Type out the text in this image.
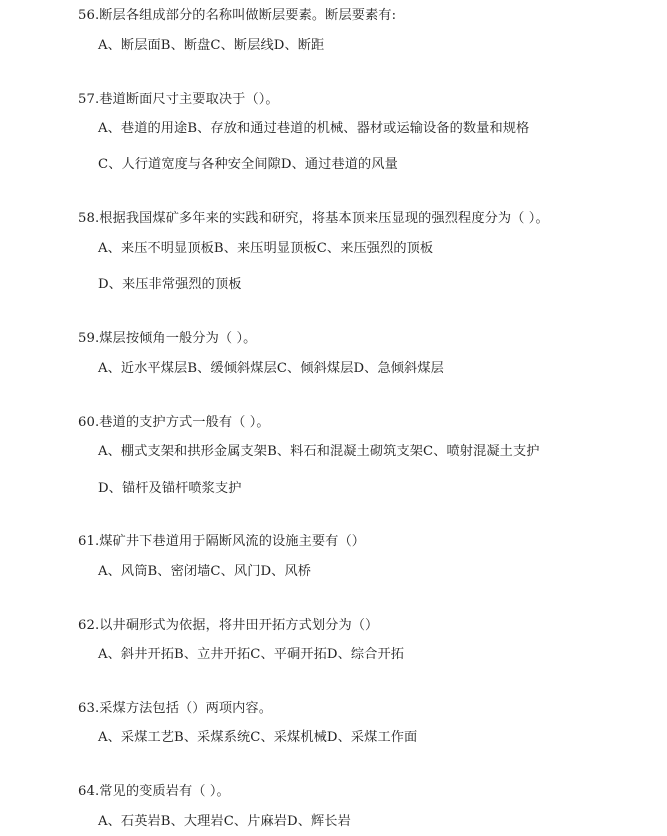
56.断层各组成部分的名称叫做断层要素。断层要素有:
A、断层面B、断盘C、断层线D、断距
57.巷道断面尺寸主要取决于（）。
A、巷道的用途B、存放和通过巷道的机械、器材或运输设备的数量和规格
C、人行道宽度与各种安全间隙D、通过巷道的风量
58.根据我国煤矿多年来的实践和研究，将基本顶来压显现的强烈程度分为（ ）。
A、来压不明显顶板B、来压明显顶板C、来压强烈的顶板
D、来压非常强烈的顶板
59.煤层按倾角一般分为（ ）。
A、近水平煤层B、缓倾斜煤层C、倾斜煤层D、急倾斜煤层
60.巷道的支护方式一般有（ ）。
A、棚式支架和拱形金属支架B、料石和混凝土砌筑支架C、喷射混凝土支护
D、锚杆及锚杆喷浆支护
61.煤矿井下巷道用于隔断风流的设施主要有（）
A、风筒B、密闭墙C、风门D、风桥
62.以井硐形式为依据，将井田开拓方式划分为（）
A、斜井开拓B、立井开拓C、平硐开拓D、综合开拓
63.采煤方法包括（）两项内容。
A、采煤工艺B、采煤系统C、采煤机械D、采煤工作面
64.常见的变质岩有（ ）。
A、石英岩B、大理岩C、片麻岩D、辉长岩
